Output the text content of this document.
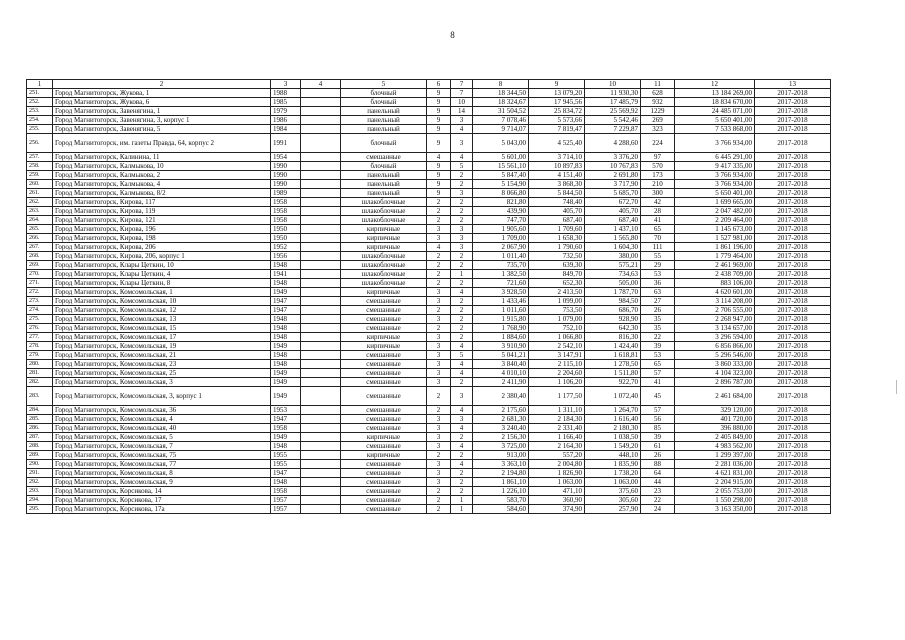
8
1	2	3	4	5	6	7	8	9	10	11	12	13
251.	Город Магнитогорск, Жукова, 1	1988		блочный	9	7	18 344,50	13 079,20	11 930,30	628	13 184 269,00	2017-2018
252.	Город Магнитогорск, Жукова, 6	1985		блочный	9	10	18 324,67	17 945,56	17 485,79	932	18 834 670,00	2017-2018
253.	Город Магнитогорск, Завенягина, 1	1979		панельный	9	14	31 504,52	25 834,72	25 569,92	1229	24 485 071,00	2017-2018
254.	Город Магнитогорск, Завенягина, 3, корпус 1	1986		панельный	9	3	7 078,46	5 573,66	5 542,46	269	5 650 401,00	2017-2018
255.	Город Магнитогорск, Завенягина, 5	1984		панельный	9	4	9 714,07	7 819,47	7 229,87	323	7 533 868,00	2017-2018
256.	Город Магнитогорск, им. газеты Правда, 64, корпус 2	1991		блочный	9	3	5 043,00	4 525,40	4 288,60	224	3 766 934,00	2017-2018
257.	Город Магнитогорск, Калинина, 11	1954		смешанные	4	4	5 601,00	3 714,10	3 376,20	97	6 445 291,00	2017-2018
258.	Город Магнитогорск, Калмыкова, 10	1990		блочный	9	5	15 561,10	10 897,83	10 767,83	570	9 417 335,00	2017-2018
259.	Город Магнитогорск, Калмыкова, 2	1990		панельный	9	2	5 847,40	4 151,40	2 691,80	173	3 766 934,00	2017-2018
260.	Город Магнитогорск, Калмыкова, 4	1990		панельный	9	2	5 154,90	3 868,30	3 717,90	210	3 766 934,00	2017-2018
261.	Город Магнитогорск, Калмыкова, 8/2	1989		панельный	9	3	8 066,80	5 844,50	5 685,70	300	5 650 401,00	2017-2018
262.	Город Магнитогорск, Кирова, 117	1958		шлакоблочные	2	2	821,80	748,40	672,70	42	1 699 665,00	2017-2018
263.	Город Магнитогорск, Кирова, 119	1958		шлакоблочные	2	2	439,90	405,70	405,70	28	2 047 482,00	2017-2018
264.	Город Магнитогорск, Кирова, 121	1958		шлакоблочные	2	2	747,70	687,40	687,40	41	2 209 464,00	2017-2018
265.	Город Магнитогорск, Кирова, 196	1950		кирпичные	3	3	1 905,60	1 709,60	1 437,10	65	1 145 673,00	2017-2018
266.	Город Магнитогорск, Кирова, 198	1950		кирпичные	3	3	1 709,00	1 658,30	1 565,80	70	1 527 981,00	2017-2018
267.	Город Магнитогорск, Кирова, 206	1952		кирпичные	4	3	2 067,90	1 790,60	1 604,30	111	1 861 196,00	2017-2018
268.	Город Магнитогорск, Кирова, 206, корпус 1	1956		шлакоблочные	2	2	1 011,40	732,50	380,00	55	1 779 464,00	2017-2018
269.	Город Магнитогорск, Клары Цеткин, 10	1948		шлакоблочные	2	2	735,70	639,30	575,21	29	2 461 969,00	2017-2018
270.	Город Магнитогорск, Клары Цеткин, 4	1941		шлакоблочные	2	1	1 382,50	849,70	734,63	53	2 438 709,00	2017-2018
271.	Город Магнитогорск, Клары Цеткин, 8	1948		шлакоблочные	2	2	721,60	652,30	505,00	36	883 106,00	2017-2018
272.	Город Магнитогорск, Комсомольская, 1	1949		кирпичные	3	4	3 928,50	2 413,50	1 787,70	63	4 620 601,00	2017-2018
273.	Город Магнитогорск, Комсомольская, 10	1947		смешанные	3	2	1 433,46	1 099,00	984,50	27	3 114 208,00	2017-2018
274.	Город Магнитогорск, Комсомольская, 12	1947		смешанные	2	2	1 011,60	753,50	686,70	26	2 706 555,00	2017-2018
275.	Город Магнитогорск, Комсомольская, 13	1948		смешанные	3	2	1 915,80	1 079,00	928,90	35	2 268 947,00	2017-2018
276.	Город Магнитогорск, Комсомольская, 15	1948		смешанные	2	2	1 768,90	752,10	642,30	35	3 134 657,00	2017-2018
277.	Город Магнитогорск, Комсомольская, 17	1948		кирпичные	3	2	1 884,60	1 066,80	816,30	22	3 296 594,00	2017-2018
278.	Город Магнитогорск, Комсомольская, 19	1949		кирпичные	3	4	3 910,90	2 542,10	1 424,40	39	6 856 866,00	2017-2018
279.	Город Магнитогорск, Комсомольская, 21	1948		смешанные	3	5	5 041,21	3 147,91	1 618,81	53	5 296 546,00	2017-2018
280.	Город Магнитогорск, Комсомольская, 23	1948		смешанные	3	4	3 840,40	2 115,10	1 278,50	65	3 860 333,00	2017-2018
281.	Город Магнитогорск, Комсомольская, 25	1949		смешанные	3	4	4 010,10	2 204,60	1 511,80	57	4 104 323,00	2017-2018
282.	Город Магнитогорск, Комсомольская, 3	1949		смешанные	3	2	2 411,90	1 106,20	922,70	41	2 896 787,00	2017-2018
283.	Город Магнитогорск, Комсомольская, 3, корпус 1	1949		смешанные	2	3	2 380,40	1 177,50	1 072,40	45	2 461 684,00	2017-2018
284.	Город Магнитогорск, Комсомольская, 36	1953		смешанные	2	4	2 175,60	1 311,10	1 264,70	57	329 120,00	2017-2018
285.	Город Магнитогорск, Комсомольская, 4	1947		смешанные	3	3	2 681,30	2 184,30	1 616,40	56	401 720,00	2017-2018
286.	Город Магнитогорск, Комсомольская, 40	1958		смешанные	3	4	3 240,40	2 331,40	2 180,30	85	396 880,00	2017-2018
287.	Город Магнитогорск, Комсомольская, 5	1949		кирпичные	3	2	2 156,30	1 166,40	1 038,50	39	2 405 849,00	2017-2018
288.	Город Магнитогорск, Комсомольская, 7	1948		смешанные	3	4	3 725,00	2 164,30	1 549,20	61	4 983 562,00	2017-2018
289.	Город Магнитогорск, Комсомольская, 75	1955		кирпичные	2	2	913,00	557,20	448,10	26	1 299 397,00	2017-2018
290.	Город Магнитогорск, Комсомольская, 77	1955		смешанные	3	4	3 363,10	2 004,80	1 835,90	88	2 281 036,00	2017-2018
291.	Город Магнитогорск, Комсомольская, 8	1947		смешанные	3	2	2 194,80	1 826,90	1 738,20	64	4 621 831,00	2017-2018
292.	Город Магнитогорск, Комсомольская, 9	1948		смешанные	3	2	1 861,10	1 063,00	1 063,00	44	2 204 915,00	2017-2018
293.	Город Магнитогорск, Корсикова, 14	1958		смешанные	2	2	1 226,10	471,10	375,60	23	2 055 753,00	2017-2018
294.	Город Магнитогорск, Корсикова, 17	1957		смешанные	2	1	583,70	360,90	305,60	22	1 550 298,00	2017-2018
295.	Город Магнитогорск, Корсикова, 17а	1957		смешанные	2	1	584,60	374,90	257,90	24	3 163 350,00	2017-2018
